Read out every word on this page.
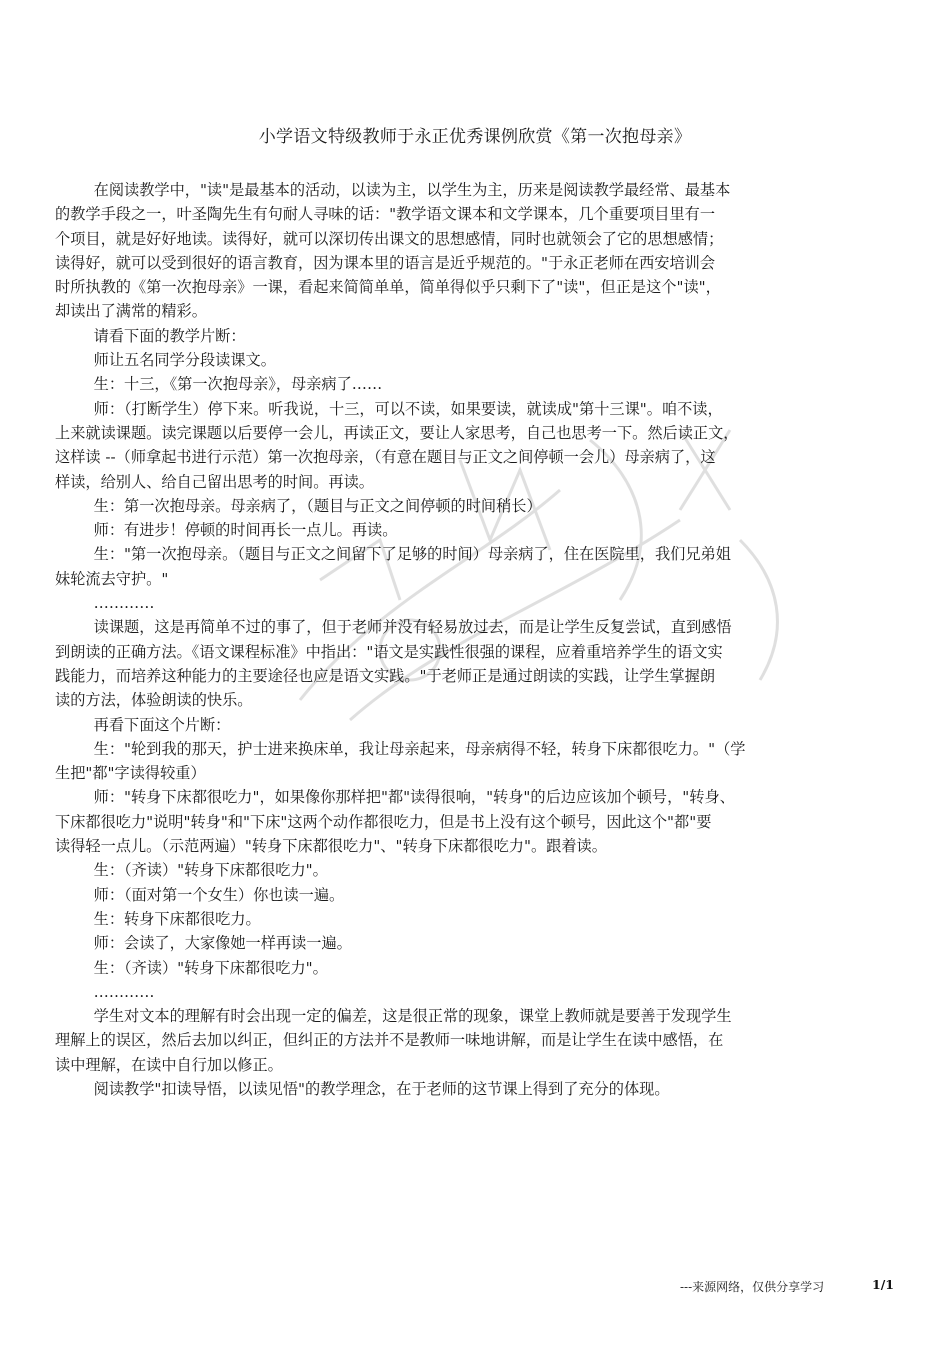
小学语文特级教师于永正优秀课例欣赏《第一次抱母亲》

在阅读教学中，"读"是最基本的活动，以读为主，以学生为主，历来是阅读教学最经常、最基本

的教学手段之一，叶圣陶先生有句耐人寻味的话："教学语文课本和文学课本，几个重要项目里有一

个项目，就是好好地读。读得好，就可以深切传出课文的思想感情，同时也就领会了它的思想感情；

读得好，就可以受到很好的语言教育，因为课本里的语言是近乎规范的。"于永正老师在西安培训会

时所执教的《第一次抱母亲》一课，看起来简简单单，简单得似乎只剩下了"读"，但正是这个"读"，

却读出了满常的精彩。

请看下面的教学片断：

师让五名同学分段读课文。

生：十三，《第一次抱母亲》，母亲病了……

师：（打断学生）停下来。听我说，十三，可以不读，如果要读，就读成"第十三课"。咱不读，

上来就读课题。读完课题以后要停一会儿，再读正文，要让人家思考，自己也思考一下。然后读正文，

这样读 --（师拿起书进行示范）第一次抱母亲，（有意在题目与正文之间停顿一会儿）母亲病了，这

样读，给别人、给自己留出思考的时间。再读。

生：第一次抱母亲。母亲病了，（题目与正文之间停顿的时间稍长）

师：有进步！停顿的时间再长一点儿。再读。

生："第一次抱母亲。（题目与正文之间留下了足够的时间）母亲病了，住在医院里，我们兄弟姐

妹轮流去守护。"

…………

读课题，这是再简单不过的事了，但于老师并没有轻易放过去，而是让学生反复尝试，直到感悟

到朗读的正确方法。《语文课程标准》中指出："语文是实践性很强的课程，应着重培养学生的语文实

践能力，而培养这种能力的主要途径也应是语文实践。"于老师正是通过朗读的实践，让学生掌握朗

读的方法，体验朗读的快乐。

再看下面这个片断：

生："轮到我的那天，护士进来换床单，我让母亲起来，母亲病得不轻，转身下床都很吃力。"（学

生把"都"字读得较重）

师："转身下床都很吃力"，如果像你那样把"都"读得很响，"转身"的后边应该加个顿号，"转身、

下床都很吃力"说明"转身"和"下床"这两个动作都很吃力，但是书上没有这个顿号，因此这个"都"要

读得轻一点儿。（示范两遍）"转身下床都很吃力"、"转身下床都很吃力"。跟着读。

生：（齐读）"转身下床都很吃力"。

师：（面对第一个女生）你也读一遍。

生：转身下床都很吃力。

师：会读了，大家像她一样再读一遍。

生：（齐读）"转身下床都很吃力"。

…………

学生对文本的理解有时会出现一定的偏差，这是很正常的现象，课堂上教师就是要善于发现学生

理解上的误区，然后去加以纠正，但纠正的方法并不是教师一味地讲解，而是让学生在读中感悟，在

读中理解，在读中自行加以修正。

阅读教学"扣读导悟，以读见悟"的教学理念，在于老师的这节课上得到了充分的体现。

---来源网络，仅供分享学习	1/1
